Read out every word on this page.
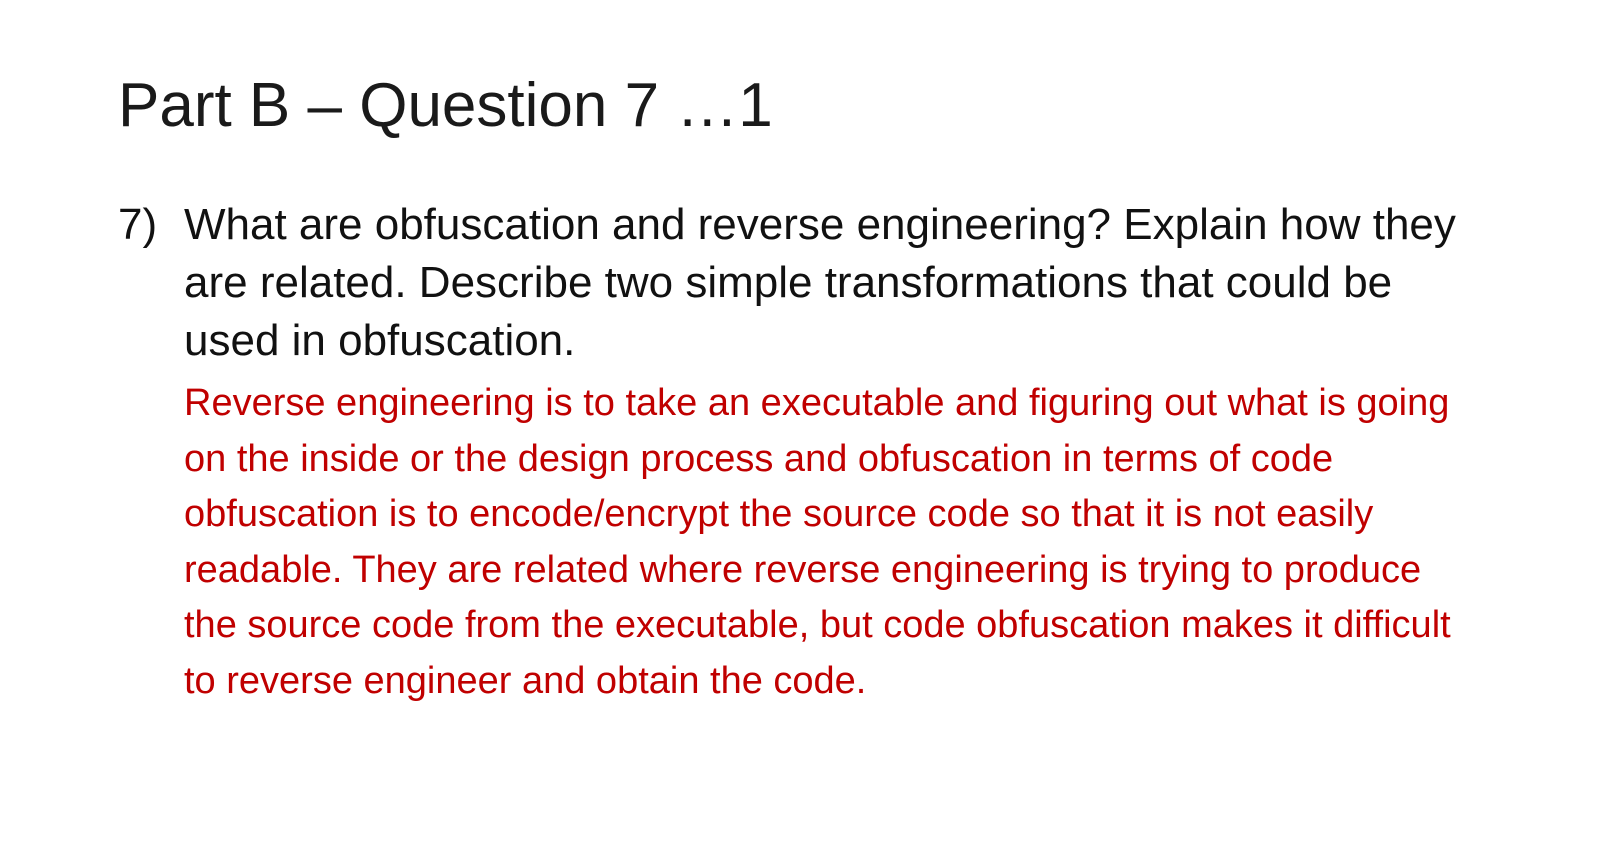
Part B – Question 7 …1
7) What are obfuscation and reverse engineering? Explain how they are related. Describe two simple transformations that could be used in obfuscation.

Reverse engineering is to take an executable and figuring out what is going on the inside or the design process and obfuscation in terms of code obfuscation is to encode/encrypt the source code so that it is not easily readable. They are related where reverse engineering is trying to produce the source code from the executable, but code obfuscation makes it difficult to reverse engineer and obtain the code.
